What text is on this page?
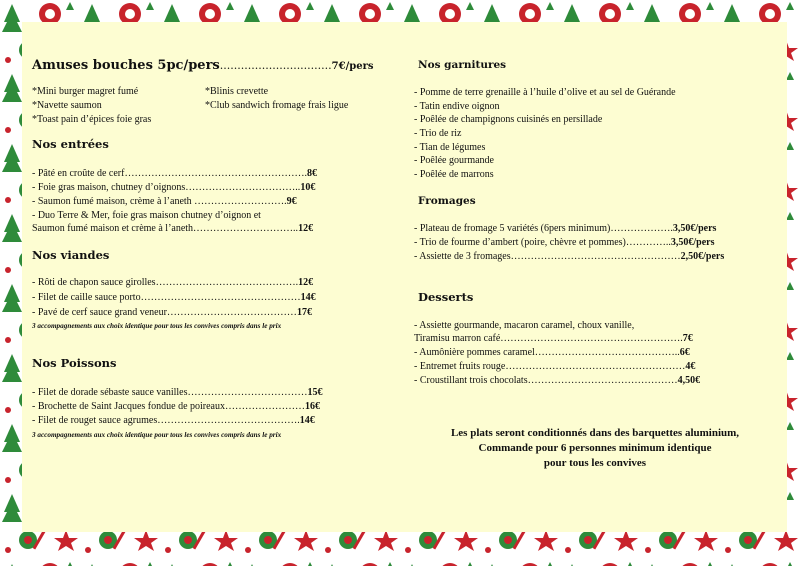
Amuses bouches 5pc/pers................................7€/pers
*Mini burger magret fumé
*Navette saumon
*Toast pain d’épices foie gras
*Blinis crevette
*Club sandwich fromage frais ligue
Nos entrées
- Pâté en croûte de cerf……………………………………………….8€
- Foie gras maison, chutney d’oignons……………………………..10€
- Saumon fumé maison, crème à l’aneth ……………………….9€
- Duo Terre & Mer, foie gras maison chutney d’oignon et
Saumon fumé maison et crème à l’aneth…………………………..12€
Nos viandes
- Rôti de chapon sauce girolles…………………………………….12€
- Filet de caille sauce porto…………………………………………14€
- Pavé de cerf sauce grand veneur…………………………………17€
3 accompagnements aux choix identique pour tous les convives compris dans le prix
Nos Poissons
- Filet de dorade sébaste sauce vanilles………………………………15€
- Brochette de Saint Jacques fondue de poireaux……………………16€
- Filet de rouget sauce agrumes…………………………………….14€
3 accompagnements aux choix identique pour tous les convives compris dans le prix
Nos garnitures
- Pomme de terre grenaille à l’huile d’olive et au sel de Guérande
- Tatin endive oignon
- Poêlée de champignons cuisinés en persillade
- Trio de riz
- Tian de légumes
- Poêlée gourmande
- Poêlée de marrons
Fromages
- Plateau de fromage 5 variétés (6pers minimum)……………….3,50€/pers
- Trio de fourme d’ambert (poire, chèvre et pommes)…………..3,50€/pers
- Assiette de 3 fromages……………………………………………2,50€/pers
Desserts
- Assiette gourmande, macaron caramel, choux vanille,
Tiramisu marron café……………………………………………….7€
- Aumônière pommes caramel……………………………………..6€
- Entremet fruits rouge………………………………………………4€
- Croustillant trois chocolats………………………………………4,50€
Les plats seront conditionnés dans des barquettes aluminium,
Commande pour 6 personnes minimum identique
pour tous les convives
